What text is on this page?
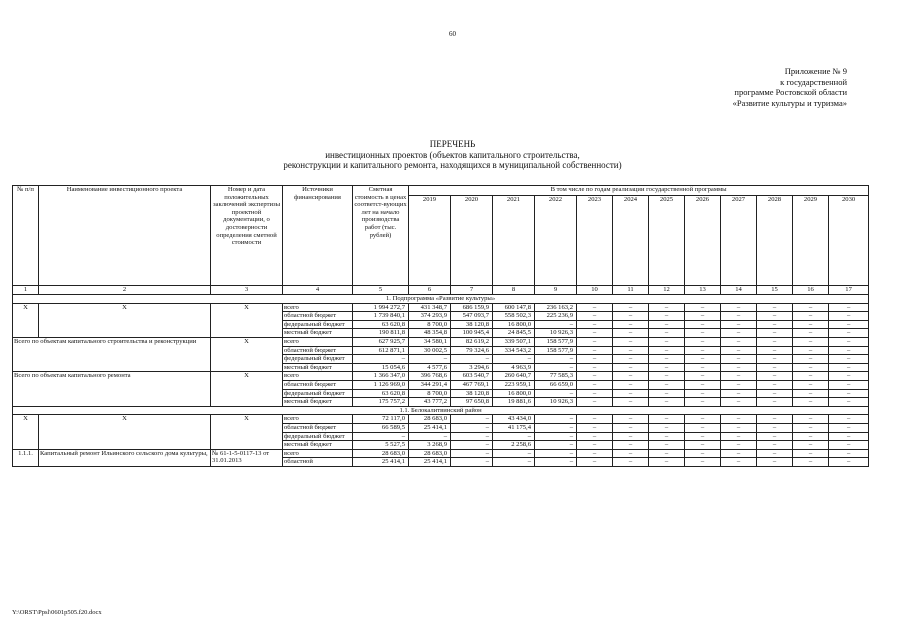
60
Приложение № 9
к государственной
программе Ростовской области
«Развитие культуры и туризма»
ПЕРЕЧЕНЬ
инвестиционных проектов (объектов капитального строительства,
реконструкции и капитального ремонта, находящихся в муниципальной собственности)
№ п/п	Наименование инвестиционного проекта	Номер и дата положительных заключений экспертизы проектной документации, о достоверности определения сметной стоимости	Источники финансирования	Сметная стоимость в ценах соответст-вующих лет на начало производства работ (тыс. рублей)	В том числе по годам реализации государственной программы											
					2019	2020	2021	2022	2023	2024	2025	2026	2027	2028	2029	2030
1	2	3	4	5	6	7	8	9	10	11	12	13	14	15	16	17
1. Подпрограмма «Развитие культуры»																
X	X	X	всего	1 994 272,7	431 348,7	686 159,9	600 147,8	236 163,2	–	–	–	–	–	–	–	–
			областной бюджет	1 739 840,1	374 293,9	547 093,7	558 502,3	225 236,9	–	–	–	–	–	–	–	–
			федеральный бюджет	63 620,8	8 700,0	38 120,8	16 800,0	–	–	–	–	–	–	–	–	–
			местный бюджет	190 811,8	48 354,8	100 945,4	24 845,5	10 926,3	–	–	–	–	–	–	–	–
Всего по объектам капитального строительства и реконструкции		X	всего	627 925,7	34 580,1	82 619,2	339 507,1	158 577,9	–	–	–	–	–	–	–	–
			областной бюджет	612 871,1	30 002,5	79 324,6	334 543,2	158 577,9	–	–	–	–	–	–	–	–
			федеральный бюджет	–	–	–	–	–	–	–	–	–	–	–	–	–
			местный бюджет	15 054,6	4 577,6	3 294,6	4 963,9	–	–	–	–	–	–	–	–	–
Всего по объектам капитального ремонта		X	всего	1 366 347,0	396 768,6	603 540,7	260 640,7	77 585,3	–	–	–	–	–	–	–	–
			областной бюджет	1 126 969,0	344 291,4	467 769,1	223 959,1	66 659,0	–	–	–	–	–	–	–	–
			федеральный бюджет	63 620,8	8 700,0	38 120,8	16 800,0	–	–	–	–	–	–	–	–	–
			местный бюджет	175 757,2	43 777,2	97 650,8	19 881,6	10 926,3	–	–	–	–	–	–	–	–
1.1. Белокалитвинский район																
X	X	X	всего	72 117,0	28 683,0	–	43 434,0	–	–	–	–	–	–	–	–	–
			областной бюджет	66 589,5	25 414,1	–	41 175,4	–	–	–	–	–	–	–	–	–
			федеральный бюджет	–	–	–	–	–	–	–	–	–	–	–	–	–
			местный бюджет	5 527,5	3 268,9	–	2 258,6	–	–	–	–	–	–	–	–	–
1.1.1.	Капитальный ремонт Ильинского сельского дома культуры,	№ 61-1-5-0117-13 от 31.01.2013	всего	28 683,0	28 683,0	–	–	–	–	–	–	–	–	–	–	–
			областной	25 414,1	25 414,1	–	–	–	–	–	–	–	–	–	–	–
Y:\ORST\Ppsl\0601p505.f20.docx
